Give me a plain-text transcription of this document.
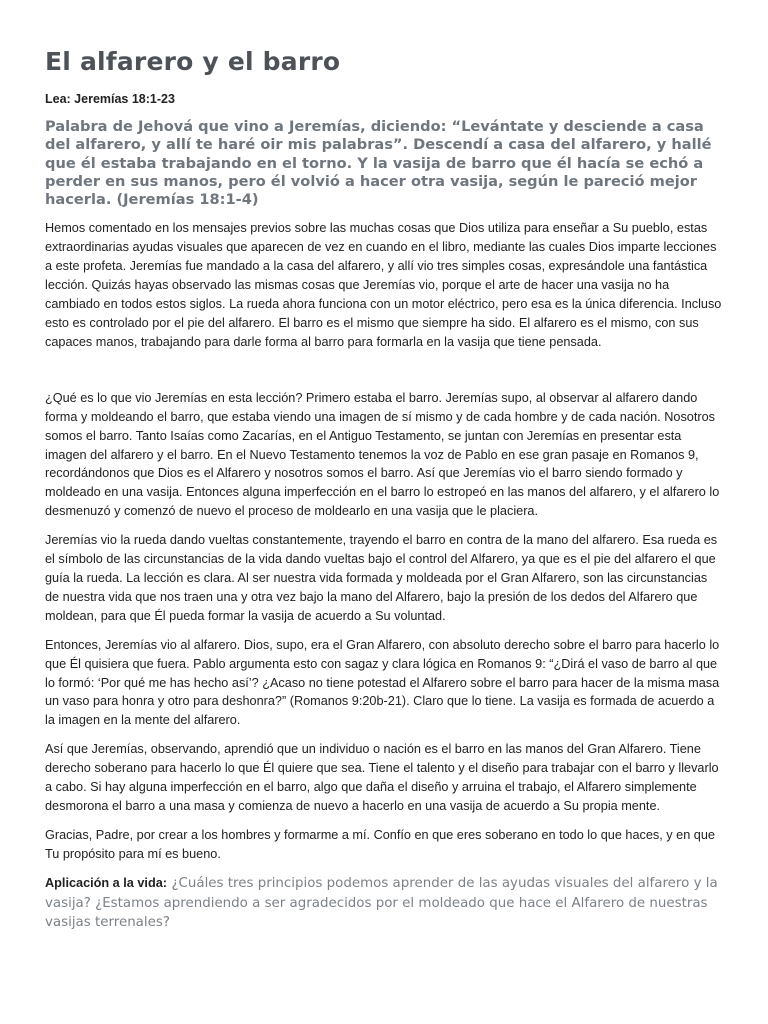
El alfarero y el barro

Lea: Jeremías 18:1-23

Palabra de Jehová que vino a Jeremías, diciendo: “Levántate y desciende a casa del alfarero, y allí te haré oir mis palabras”. Descendí a casa del alfarero, y hallé que él estaba trabajando en el torno. Y la vasija de barro que él hacía se echó a perder en sus manos, pero él volvió a hacer otra vasija, según le pareció mejor hacerla. (Jeremías 18:1-4)

Hemos comentado en los mensajes previos sobre las muchas cosas que Dios utiliza para enseñar a Su pueblo, estas extraordinarias ayudas visuales que aparecen de vez en cuando en el libro, mediante las cuales Dios imparte lecciones a este profeta. Jeremías fue mandado a la casa del alfarero, y allí vio tres simples cosas, expresándole una fantástica lección. Quizás hayas observado las mismas cosas que Jeremías vio, porque el arte de hacer una vasija no ha cambiado en todos estos siglos. La rueda ahora funciona con un motor eléctrico, pero esa es la única diferencia. Incluso esto es controlado por el pie del alfarero. El barro es el mismo que siempre ha sido. El alfarero es el mismo, con sus capaces manos, trabajando para darle forma al barro para formarla en la vasija que tiene pensada.

¿Qué es lo que vio Jeremías en esta lección? Primero estaba el barro. Jeremías supo, al observar al alfarero dando forma y moldeando el barro, que estaba viendo una imagen de sí mismo y de cada hombre y de cada nación. Nosotros somos el barro. Tanto Isaías como Zacarías, en el Antiguo Testamento, se juntan con Jeremías en presentar esta imagen del alfarero y el barro. En el Nuevo Testamento tenemos la voz de Pablo en ese gran pasaje en Romanos 9, recordándonos que Dios es el Alfarero y nosotros somos el barro. Así que Jeremías vio el barro siendo formado y moldeado en una vasija. Entonces alguna imperfección en el barro lo estropeó en las manos del alfarero, y el alfarero lo desmenuzó y comenzó de nuevo el proceso de moldearlo en una vasija que le placiera.

Jeremías vio la rueda dando vueltas constantemente, trayendo el barro en contra de la mano del alfarero. Esa rueda es el símbolo de las circunstancias de la vida dando vueltas bajo el control del Alfarero, ya que es el pie del alfarero el que guía la rueda. La lección es clara. Al ser nuestra vida formada y moldeada por el Gran Alfarero, son las circunstancias de nuestra vida que nos traen una y otra vez bajo la mano del Alfarero, bajo la presión de los dedos del Alfarero que moldean, para que Él pueda formar la vasija de acuerdo a Su voluntad.

Entonces, Jeremías vio al alfarero. Dios, supo, era el Gran Alfarero, con absoluto derecho sobre el barro para hacerlo lo que Él quisiera que fuera. Pablo argumenta esto con sagaz y clara lógica en Romanos 9: “¿Dirá el vaso de barro al que lo formó: ‘Por qué me has hecho así’? ¿Acaso no tiene potestad el Alfarero sobre el barro para hacer de la misma masa un vaso para honra y otro para deshonra?” (Romanos 9:20b-21). Claro que lo tiene. La vasija es formada de acuerdo a la imagen en la mente del alfarero.

Así que Jeremías, observando, aprendió que un individuo o nación es el barro en las manos del Gran Alfarero. Tiene derecho soberano para hacerlo lo que Él quiere que sea. Tiene el talento y el diseño para trabajar con el barro y llevarlo a cabo. Si hay alguna imperfección en el barro, algo que daña el diseño y arruina el trabajo, el Alfarero simplemente desmorona el barro a una masa y comienza de nuevo a hacerlo en una vasija de acuerdo a Su propia mente.

Gracias, Padre, por crear a los hombres y formarme a mí. Confío en que eres soberano en todo lo que haces, y en que Tu propósito para mí es bueno.

Aplicación a la vida: ¿Cuáles tres principios podemos aprender de las ayudas visuales del alfarero y la vasija? ¿Estamos aprendiendo a ser agradecidos por el moldeado que hace el Alfarero de nuestras vasijas terrenales?
